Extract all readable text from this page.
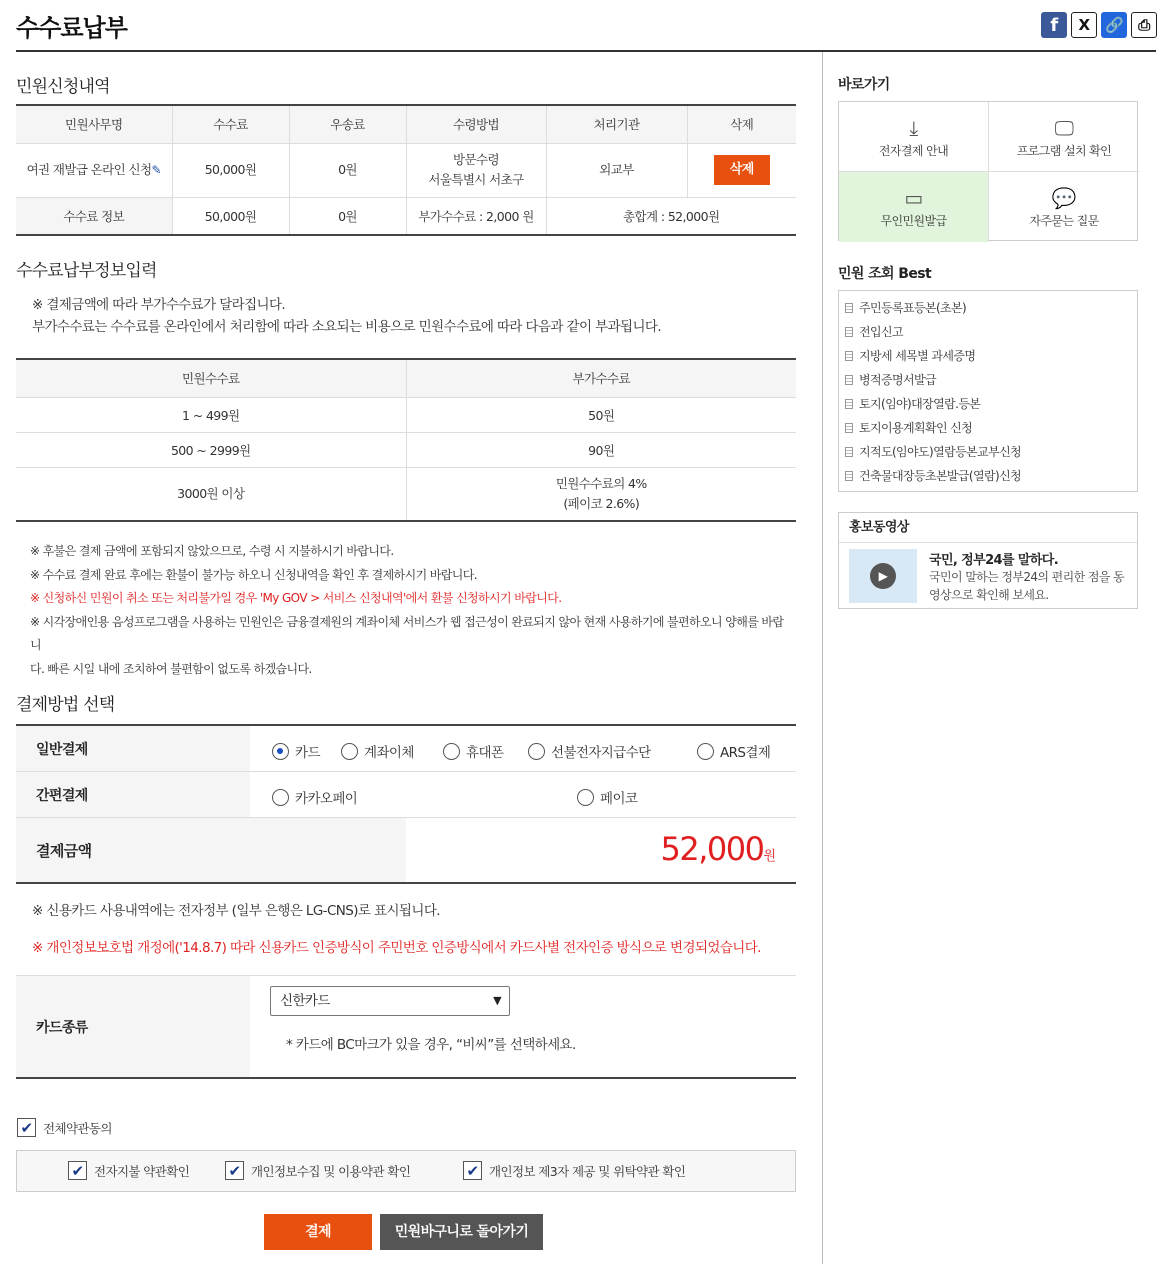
수수료납부	f	X	🔗	⎙
민원신청내역
민원사무명	수수료	우송료	수령방법	처리기관	삭제
여권 재발급 온라인 신청✎	50,000원	0원	방문수령
서울특별시 서초구	외교부	삭제
수수료 정보	50,000원	0원	부가수수료 : 2,000 원	총합계 : 52,000원	
수수료납부정보입력
※ 결제금액에 따라 부가수수료가 달라집니다.
부가수수료는 수수료를 온라인에서 처리함에 따라 소요되는 비용으로 민원수수료에 따라 다음과 같이 부과됩니다.
민원수수료	부가수수료
1 ~ 499원	50원
500 ~ 2999원	90원
3000원 이상	민원수수료의 4%
(페이코 2.6%)
※ 후불은 결제 금액에 포함되지 않았으므로, 수령 시 지불하시기 바랍니다.
※ 수수료 결제 완료 후에는 환불이 불가능 하오니 신청내역을 확인 후 결제하시기 바랍니다.
※ 신청하신 민원이 취소 또는 처리불가일 경우 'My GOV > 서비스 신청내역'에서 환불 신청하시기 바랍니다.
※ 시각장애인용 음성프로그램을 사용하는 민원인은 금융결제원의 계좌이체 서비스가 웹 접근성이 완료되지 않아 현재 사용하기에 불편하오니 양해를 바랍니
다. 빠른 시일 내에 조치하여 불편함이 없도록 하겠습니다.
결제방법 선택
일반결제	카드	계좌이체	휴대폰	선불전자지급수단	ARS결제
간편결제	카카오페이	페이코
결제금액	52,000원
※ 신용카드 사용내역에는 전자정부 (일부 은행은 LG-CNS)로 표시됩니다.
※ 개인정보보호법 개정에('14.8.7) 따라 신용카드 인증방식이 주민번호 인증방식에서 카드사별 전자인증 방식으로 변경되었습니다.
카드종류
신한카드	▼
* 카드에 BC마크가 있을 경우, “비씨”를 선택하세요.
✔ 전체약관동의
✔ 전자지불 약관확인	✔ 개인정보수집 및 이용약관 확인	✔ 개인정보 제3자 제공 및 위탁약관 확인
결제	민원바구니로 돌아가기
바로가기
⤓
전자결제 안내
🖵
프로그램 설치 확인
▭
무인민원발급
💬
자주묻는 질문
민원 조회 Best
주민등록표등본(초본)
전입신고
지방세 세목별 과세증명
병적증명서발급
토지(임야)대장열람.등본
토지이용계획확인 신청
지적도(임야도)열람등본교부신청
건축물대장등초본발급(열람)신청
홍보동영상
▶
국민, 정부24를 말하다.
국민이 말하는 정부24의 편리한 점을 동영상으로 확인해 보세요.
